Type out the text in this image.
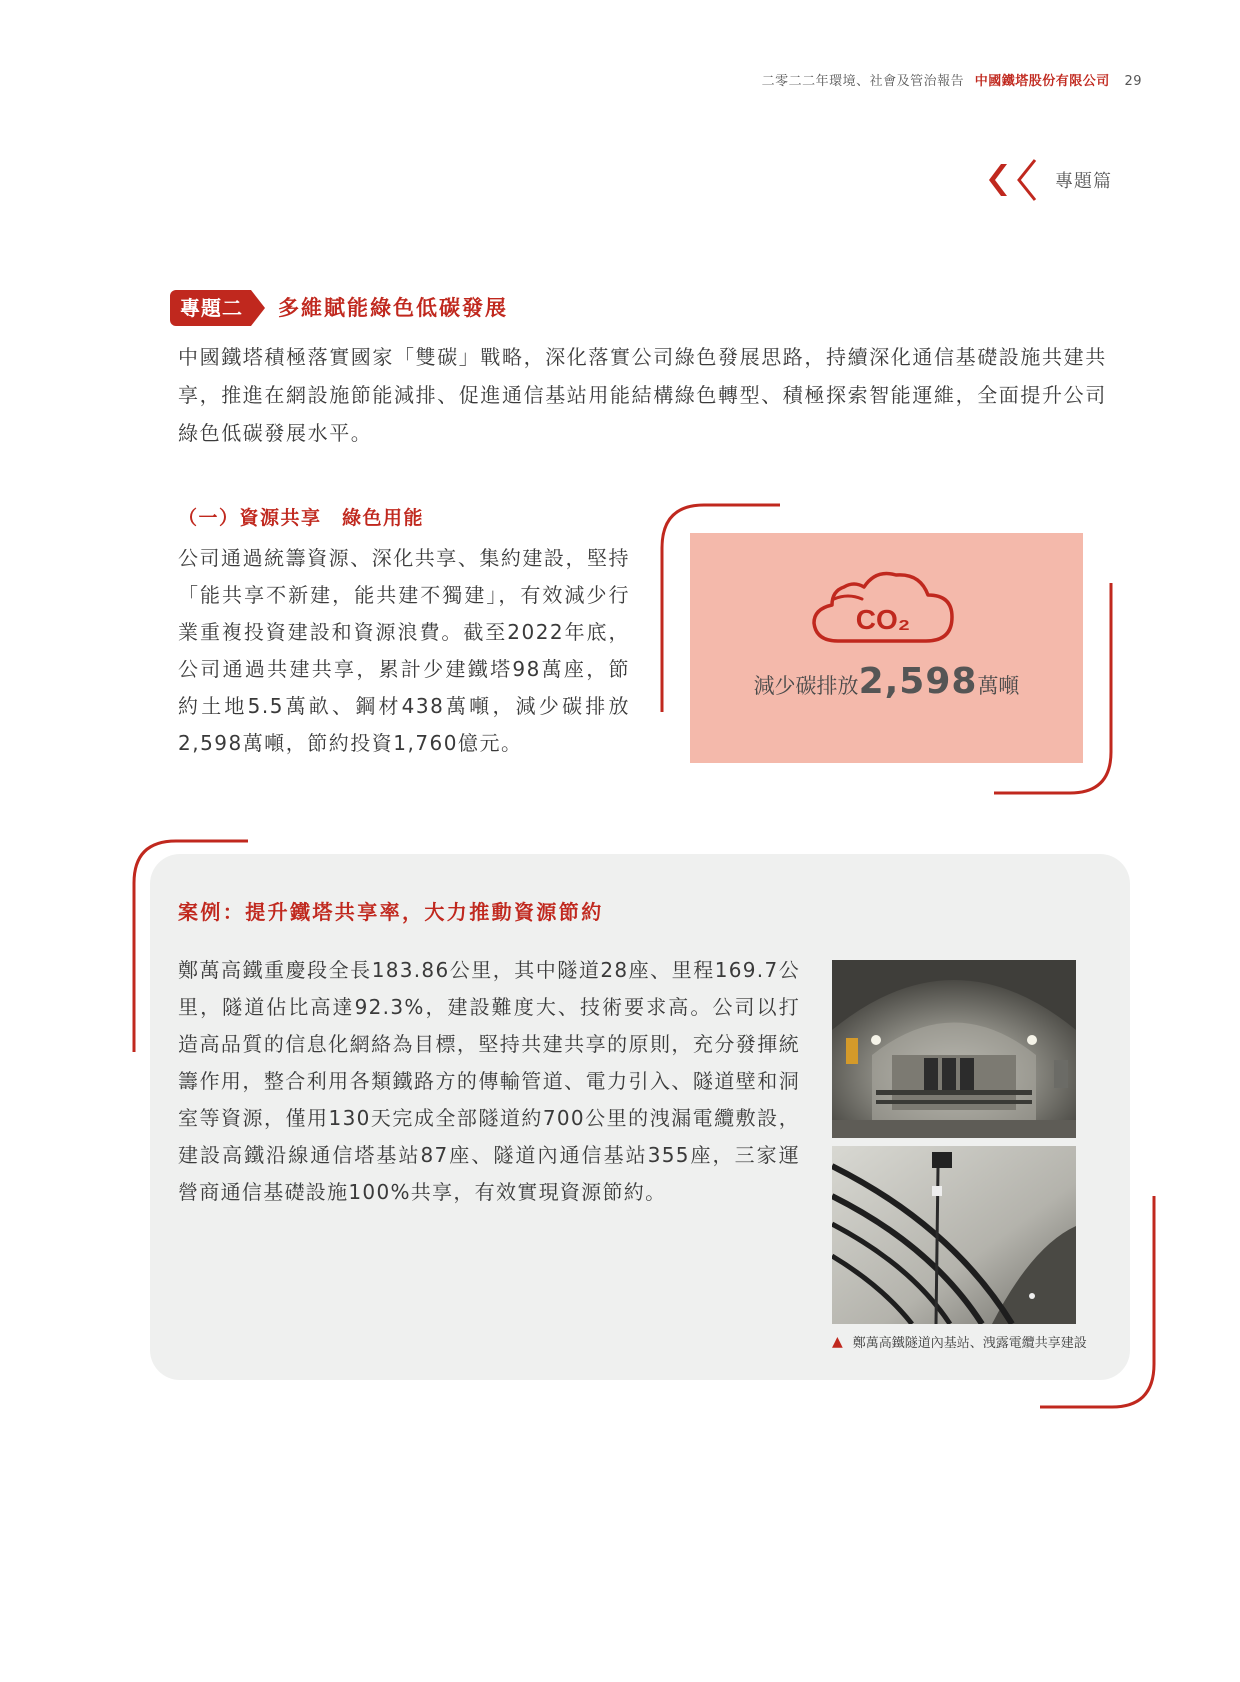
二零二二年環境、社會及管治報告 中國鐵塔股份有限公司 29
專題篇
專題二	多維賦能綠色低碳發展
中國鐵塔積極落實國家「雙碳」戰略，深化落實公司綠色發展思路，持續深化通信基礎設施共建共享，推進在網設施節能減排、促進通信基站用能結構綠色轉型、積極探索智能運維，全面提升公司綠色低碳發展水平。
（一）資源共享　綠色用能
公司通過統籌資源、深化共享、集約建設，堅持「能共享不新建，能共建不獨建」，有效減少行業重複投資建設和資源浪費。截至2022年底，公司通過共建共享，累計少建鐵塔98萬座，節約土地5.5萬畝、鋼材438萬噸，減少碳排放2,598萬噸，節約投資1,760億元。
CO₂
減少碳排放2,598萬噸
案例：提升鐵塔共享率，大力推動資源節約
鄭萬高鐵重慶段全長183.86公里，其中隧道28座、里程169.7公里，隧道佔比高達92.3%，建設難度大、技術要求高。公司以打造高品質的信息化網絡為目標，堅持共建共享的原則，充分發揮統籌作用，整合利用各類鐵路方的傳輸管道、電力引入、隧道壁和洞室等資源，僅用130天完成全部隧道約700公里的洩漏電纜敷設，建設高鐵沿線通信塔基站87座、隧道內通信基站355座，三家運營商通信基礎設施100%共享，有效實現資源節約。
▲ 鄭萬高鐵隧道內基站、洩露電纜共享建設
